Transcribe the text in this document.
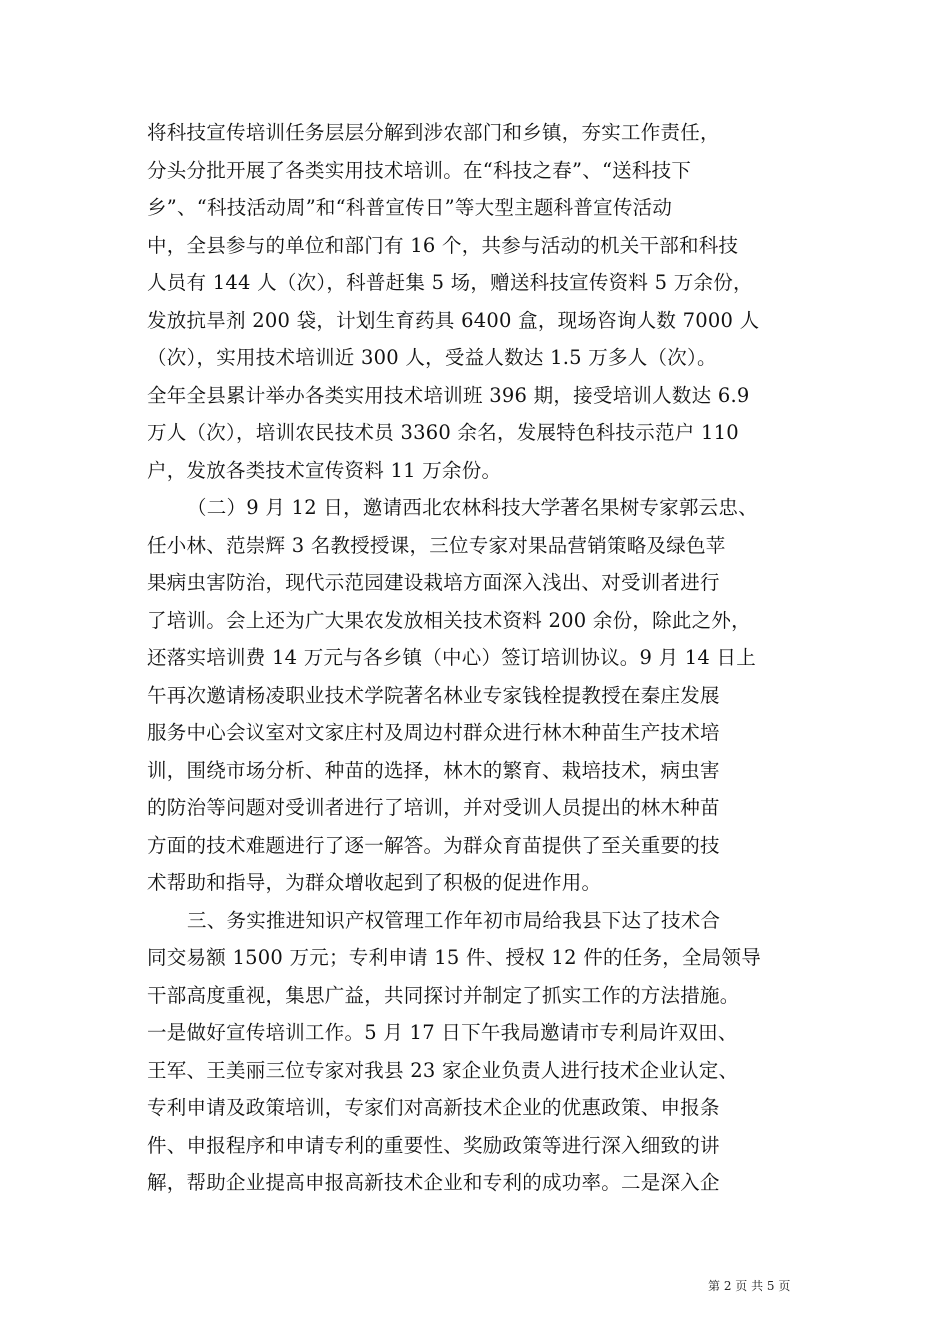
将科技宣传培训任务层层分解到涉农部门和乡镇，夯实工作责任，
分头分批开展了各类实用技术培训。在“科技之春”、“送科技下
乡”、“科技活动周”和“科普宣传日”等大型主题科普宣传活动
中，全县参与的单位和部门有 16 个，共参与活动的机关干部和科技
人员有 144 人（次），科普赶集 5 场，赠送科技宣传资料 5 万余份，
发放抗旱剂 200 袋，计划生育药具 6400 盒，现场咨询人数 7000 人
（次），实用技术培训近 300 人，受益人数达 1.5 万多人（次）。
全年全县累计举办各类实用技术培训班 396 期，接受培训人数达 6.9
万人（次），培训农民技术员 3360 余名，发展特色科技示范户 110
户，发放各类技术宣传资料 11 万余份。
（二）9 月 12 日，邀请西北农林科技大学著名果树专家郭云忠、
任小林、范崇辉 3 名教授授课，三位专家对果品营销策略及绿色苹
果病虫害防治，现代示范园建设栽培方面深入浅出、对受训者进行
了培训。会上还为广大果农发放相关技术资料 200 余份，除此之外，
还落实培训费 14 万元与各乡镇（中心）签订培训协议。9 月 14 日上
午再次邀请杨凌职业技术学院著名林业专家钱栓提教授在秦庄发展
服务中心会议室对文家庄村及周边村群众进行林木种苗生产技术培
训，围绕市场分析、种苗的选择，林木的繁育、栽培技术，病虫害
的防治等问题对受训者进行了培训，并对受训人员提出的林木种苗
方面的技术难题进行了逐一解答。为群众育苗提供了至关重要的技
术帮助和指导，为群众增收起到了积极的促进作用。
三、务实推进知识产权管理工作年初市局给我县下达了技术合
同交易额 1500 万元；专利申请 15 件、授权 12 件的任务，全局领导
干部高度重视，集思广益，共同探讨并制定了抓实工作的方法措施。
一是做好宣传培训工作。5 月 17 日下午我局邀请市专利局许双田、
王军、王美丽三位专家对我县 23 家企业负责人进行技术企业认定、
专利申请及政策培训，专家们对高新技术企业的优惠政策、申报条
件、申报程序和申请专利的重要性、奖励政策等进行深入细致的讲
解，帮助企业提高申报高新技术企业和专利的成功率。二是深入企
第 2 页 共 5 页
